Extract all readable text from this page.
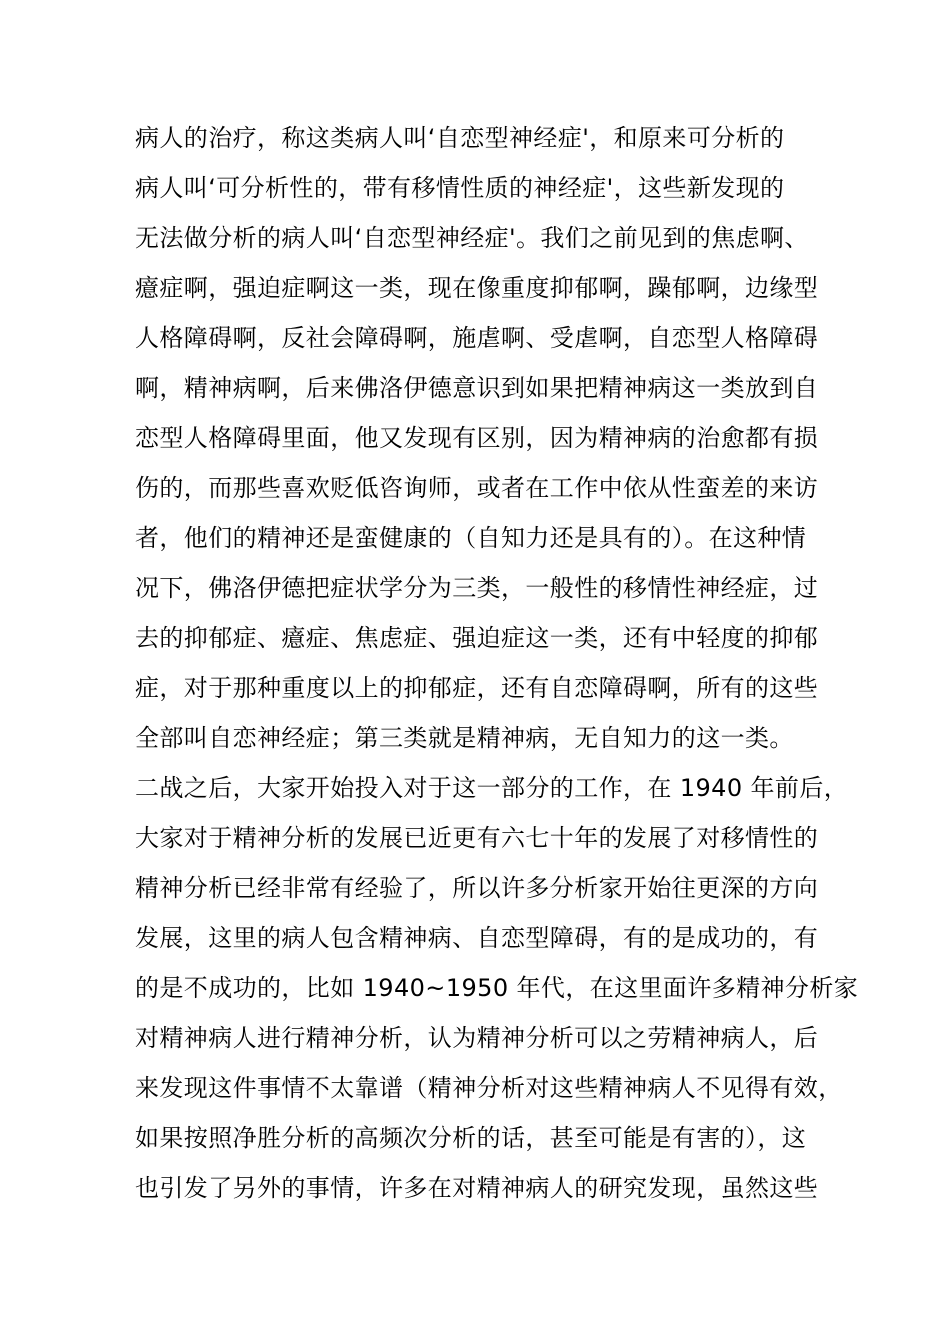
病人的治疗，称这类病人叫‘自恋型神经症'，和原来可分析的
病人叫‘可分析性的，带有移情性质的神经症'，这些新发现的
无法做分析的病人叫‘自恋型神经症'。我们之前见到的焦虑啊、
癔症啊，强迫症啊这一类，现在像重度抑郁啊，躁郁啊，边缘型
人格障碍啊，反社会障碍啊，施虐啊、受虐啊，自恋型人格障碍
啊，精神病啊，后来佛洛伊德意识到如果把精神病这一类放到自
恋型人格障碍里面，他又发现有区别，因为精神病的治愈都有损
伤的，而那些喜欢贬低咨询师，或者在工作中依从性蛮差的来访
者，他们的精神还是蛮健康的（自知力还是具有的）。在这种情
况下，佛洛伊德把症状学分为三类，一般性的移情性神经症，过
去的抑郁症、癔症、焦虑症、强迫症这一类，还有中轻度的抑郁
症，对于那种重度以上的抑郁症，还有自恋障碍啊，所有的这些
全部叫自恋神经症；第三类就是精神病，无自知力的这一类。
二战之后，大家开始投入对于这一部分的工作，在 1940 年前后，
大家对于精神分析的发展已近更有六七十年的发展了对移情性的
精神分析已经非常有经验了，所以许多分析家开始往更深的方向
发展，这里的病人包含精神病、自恋型障碍，有的是成功的，有
的是不成功的，比如 1940~1950 年代，在这里面许多精神分析家
对精神病人进行精神分析，认为精神分析可以之劳精神病人，后
来发现这件事情不太靠谱（精神分析对这些精神病人不见得有效，
如果按照净胜分析的高频次分析的话，甚至可能是有害的），这
也引发了另外的事情，许多在对精神病人的研究发现，虽然这些
